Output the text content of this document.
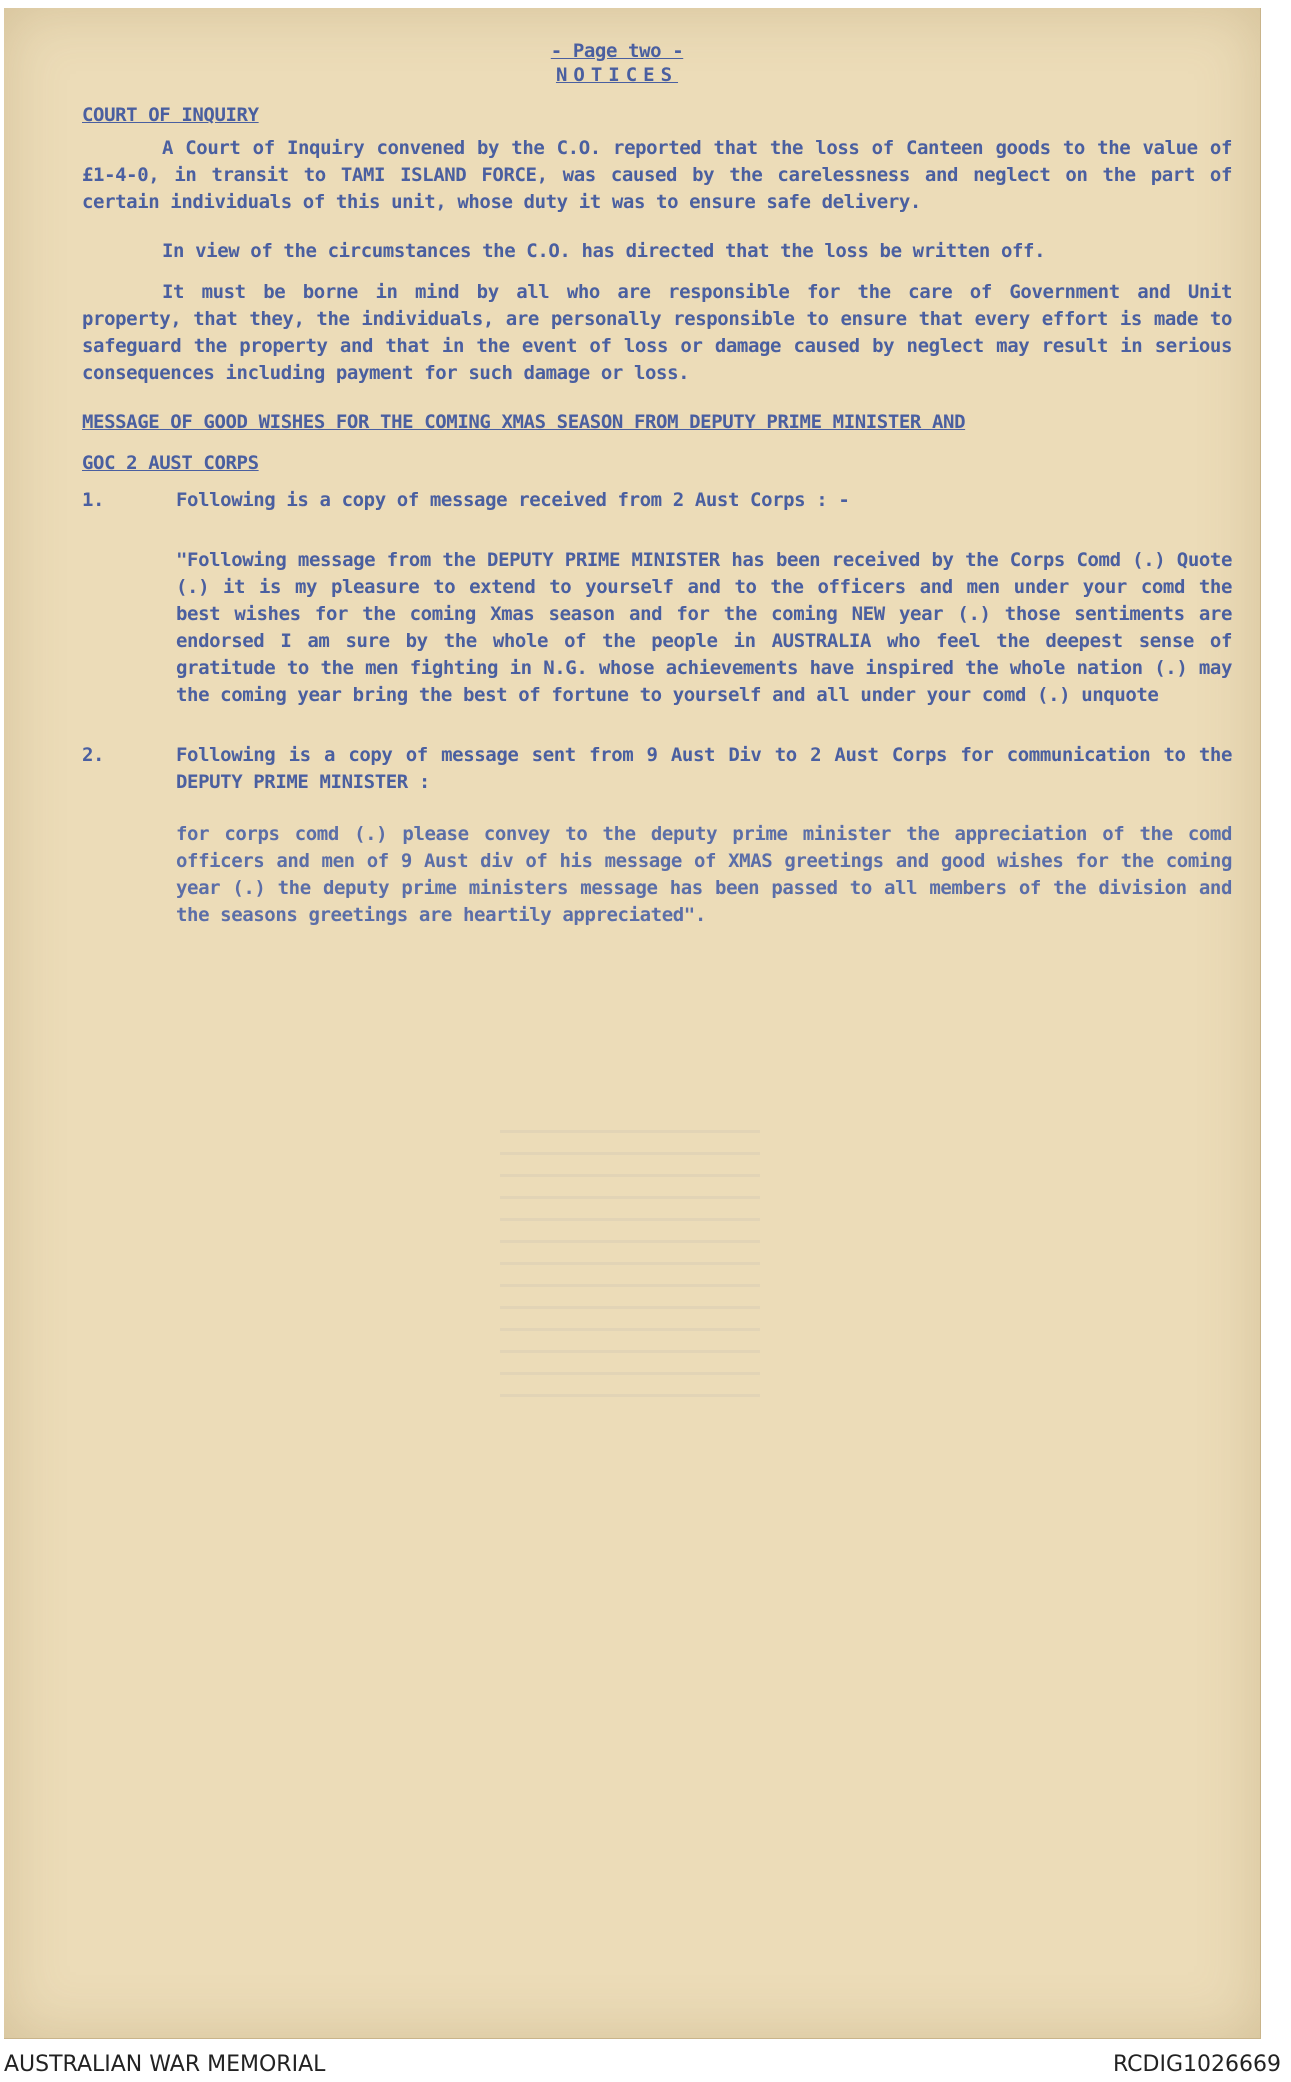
- Page two -
NOTICES
COURT OF INQUIRY

A Court of Inquiry convened by the C.O. reported that the loss of Canteen goods to the value of £1-4-0, in transit to TAMI ISLAND FORCE, was caused by the carelessness and neglect on the part of certain individuals of this unit, whose duty it was to ensure safe delivery.

In view of the circumstances the C.O. has directed that the loss be written off.

It must be borne in mind by all who are responsible for the care of Government and Unit property, that they, the individuals, are personally responsible to ensure that every effort is made to safeguard the property and that in the event of loss or damage caused by neglect may result in serious consequences including payment for such damage or loss.

MESSAGE OF GOOD WISHES FOR THE COMING XMAS SEASON FROM DEPUTY PRIME MINISTER AND
GOC 2 AUST CORPS
1.	Following is a copy of message received from 2 Aust Corps : -

"Following message from the DEPUTY PRIME MINISTER has been received by the Corps Comd (.) Quote (.) it is my pleasure to extend to yourself and to the officers and men under your comd the best wishes for the coming Xmas season and for the coming NEW year (.) those sentiments are endorsed I am sure by the whole of the people in AUSTRALIA who feel the deepest sense of gratitude to the men fighting in N.G. whose achievements have inspired the whole nation (.) may the coming year bring the best of fortune to yourself and all under your comd (.) unquote

2.	Following is a copy of message sent from 9 Aust Div to 2 Aust Corps for communication to the DEPUTY PRIME MINISTER :

for corps comd (.) please convey to the deputy prime minister the appreciation of the comd officers and men of 9 Aust div of his message of XMAS greetings and good wishes for the coming year (.) the deputy prime ministers message has been passed to all members of the division and the seasons greetings are heartily appreciated".

AUSTRALIAN WAR MEMORIAL	RCDIG1026669
